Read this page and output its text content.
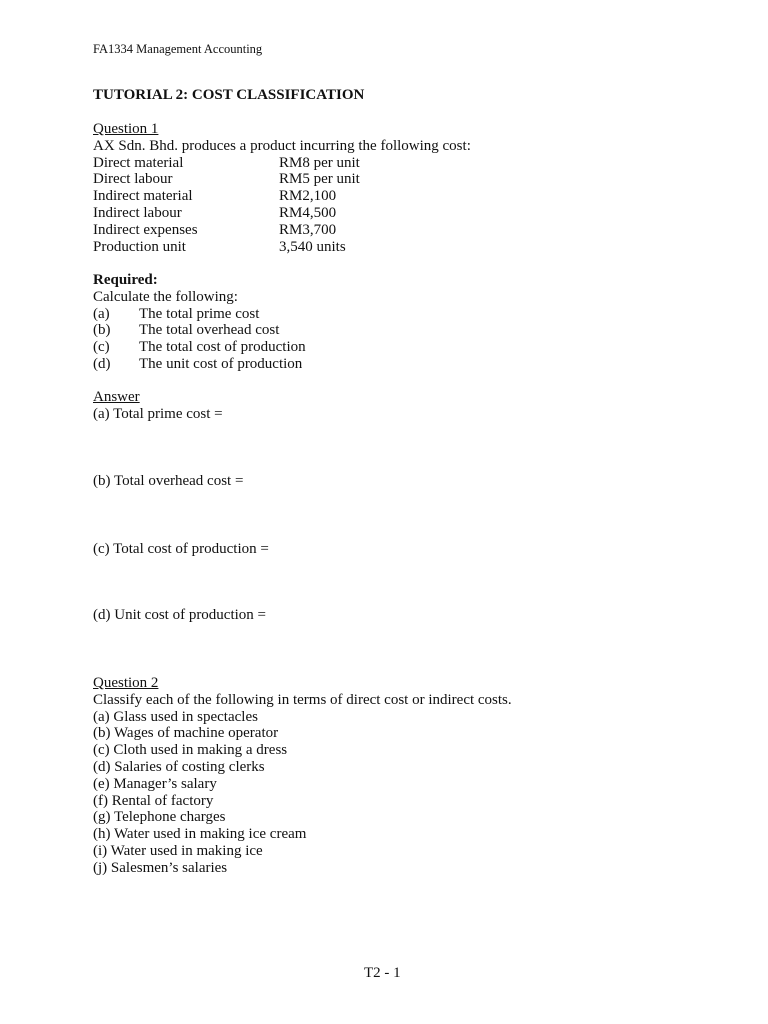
FA1334 Management Accounting
TUTORIAL 2: COST CLASSIFICATION
Question 1
AX Sdn. Bhd. produces a product incurring the following cost:
Direct material	RM8 per unit
Direct labour	RM5 per unit
Indirect material	RM2,100
Indirect labour	RM4,500
Indirect expenses	RM3,700
Production unit	3,540 units
Required:
Calculate the following:
(a)	The total prime cost
(b)	The total overhead cost
(c)	The total cost of production
(d)	The unit cost of production
Answer
(a) Total prime cost =
(b) Total overhead cost =
(c) Total cost of production =
(d) Unit cost of production =
Question 2
Classify each of the following in terms of direct cost or indirect costs.
(a) Glass used in spectacles
(b) Wages of machine operator
(c) Cloth used in making a dress
(d) Salaries of costing clerks
(e) Manager’s salary
(f) Rental of factory
(g) Telephone charges
(h) Water used in making ice cream
(i) Water used in making ice
(j) Salesmen’s salaries
T2 - 1
